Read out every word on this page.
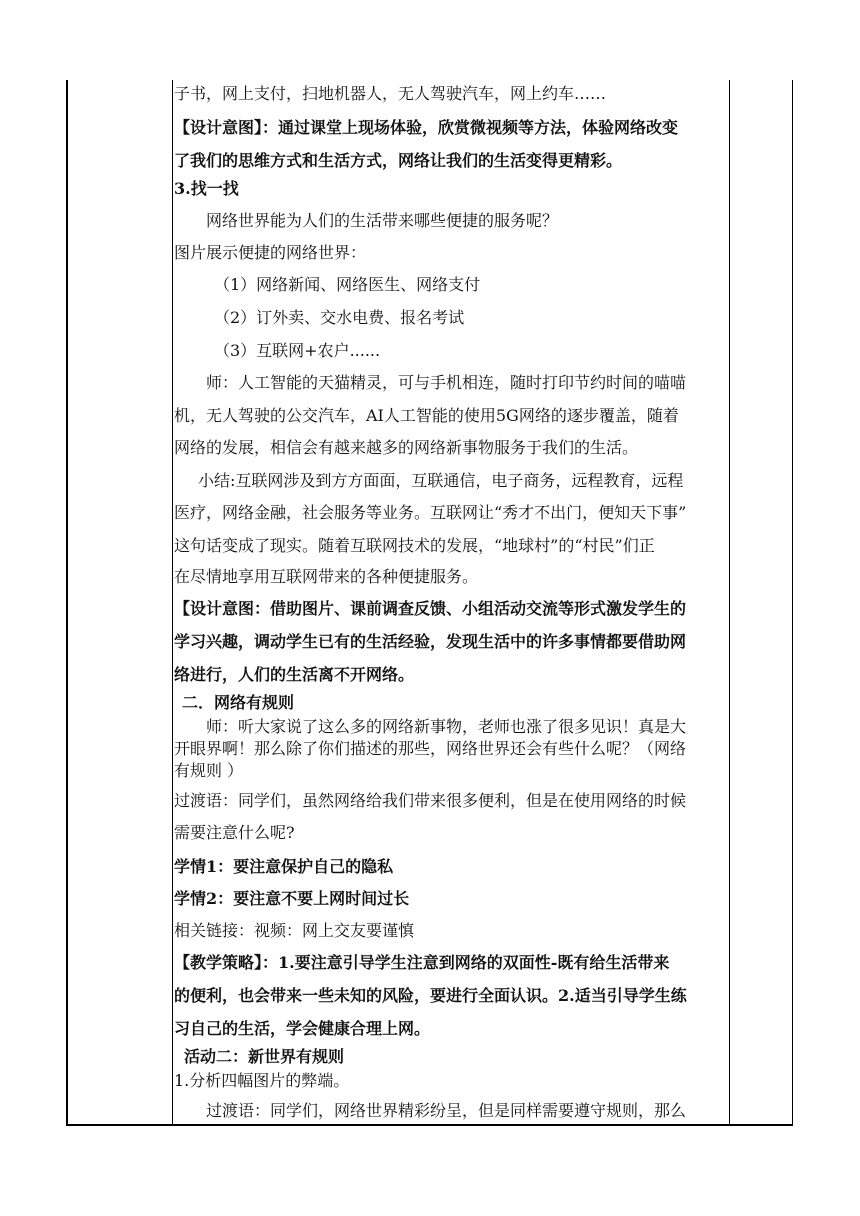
子书，网上支付，扫地机器人，无人驾驶汽车，网上约车……
【设计意图】：通过课堂上现场体验，欣赏微视频等方法，体验网络改变
了我们的思维方式和生活方式，网络让我们的生活变得更精彩。
3.找一找
网络世界能为人们的生活带来哪些便捷的服务呢？
图片展示便捷的网络世界：
（1）网络新闻、网络医生、网络支付
（2）订外卖、交水电费、报名考试
（3）互联网+农户......
师：人工智能的天猫精灵，可与手机相连，随时打印节约时间的喵喵
机，无人驾驶的公交汽车，AI人工智能的使用5G网络的逐步覆盖，随着
网络的发展，相信会有越来越多的网络新事物服务于我们的生活。
小结:互联网涉及到方方面面，互联通信，电子商务，远程教育，远程
医疗，网络金融，社会服务等业务。互联网让“秀才不出门，便知天下事”
这句话变成了现实。随着互联网技术的发展，“地球村”的“村民”们正
在尽情地享用互联网带来的各种便捷服务。
【设计意图：借助图片、课前调查反馈、小组活动交流等形式激发学生的
学习兴趣，调动学生已有的生活经验，发现生活中的许多事情都要借助网
络进行，人们的生活离不开网络。
二．网络有规则
师：听大家说了这么多的网络新事物，老师也涨了很多见识！真是大
开眼界啊！那么除了你们描述的那些，网络世界还会有些什么呢？（网络
有规则 ）
过渡语：同学们，虽然网络给我们带来很多便利，但是在使用网络的时候
需要注意什么呢?
学情1：要注意保护自己的隐私
学情2：要注意不要上网时间过长
相关链接：视频：网上交友要谨慎
【教学策略】：1.要注意引导学生注意到网络的双面性-既有给生活带来
的便利，也会带来一些未知的风险，要进行全面认识。2.适当引导学生练
习自己的生活，学会健康合理上网。
活动二：新世界有规则
1.分析四幅图片的弊端。
过渡语：同学们，网络世界精彩纷呈，但是同样需要遵守规则，那么
